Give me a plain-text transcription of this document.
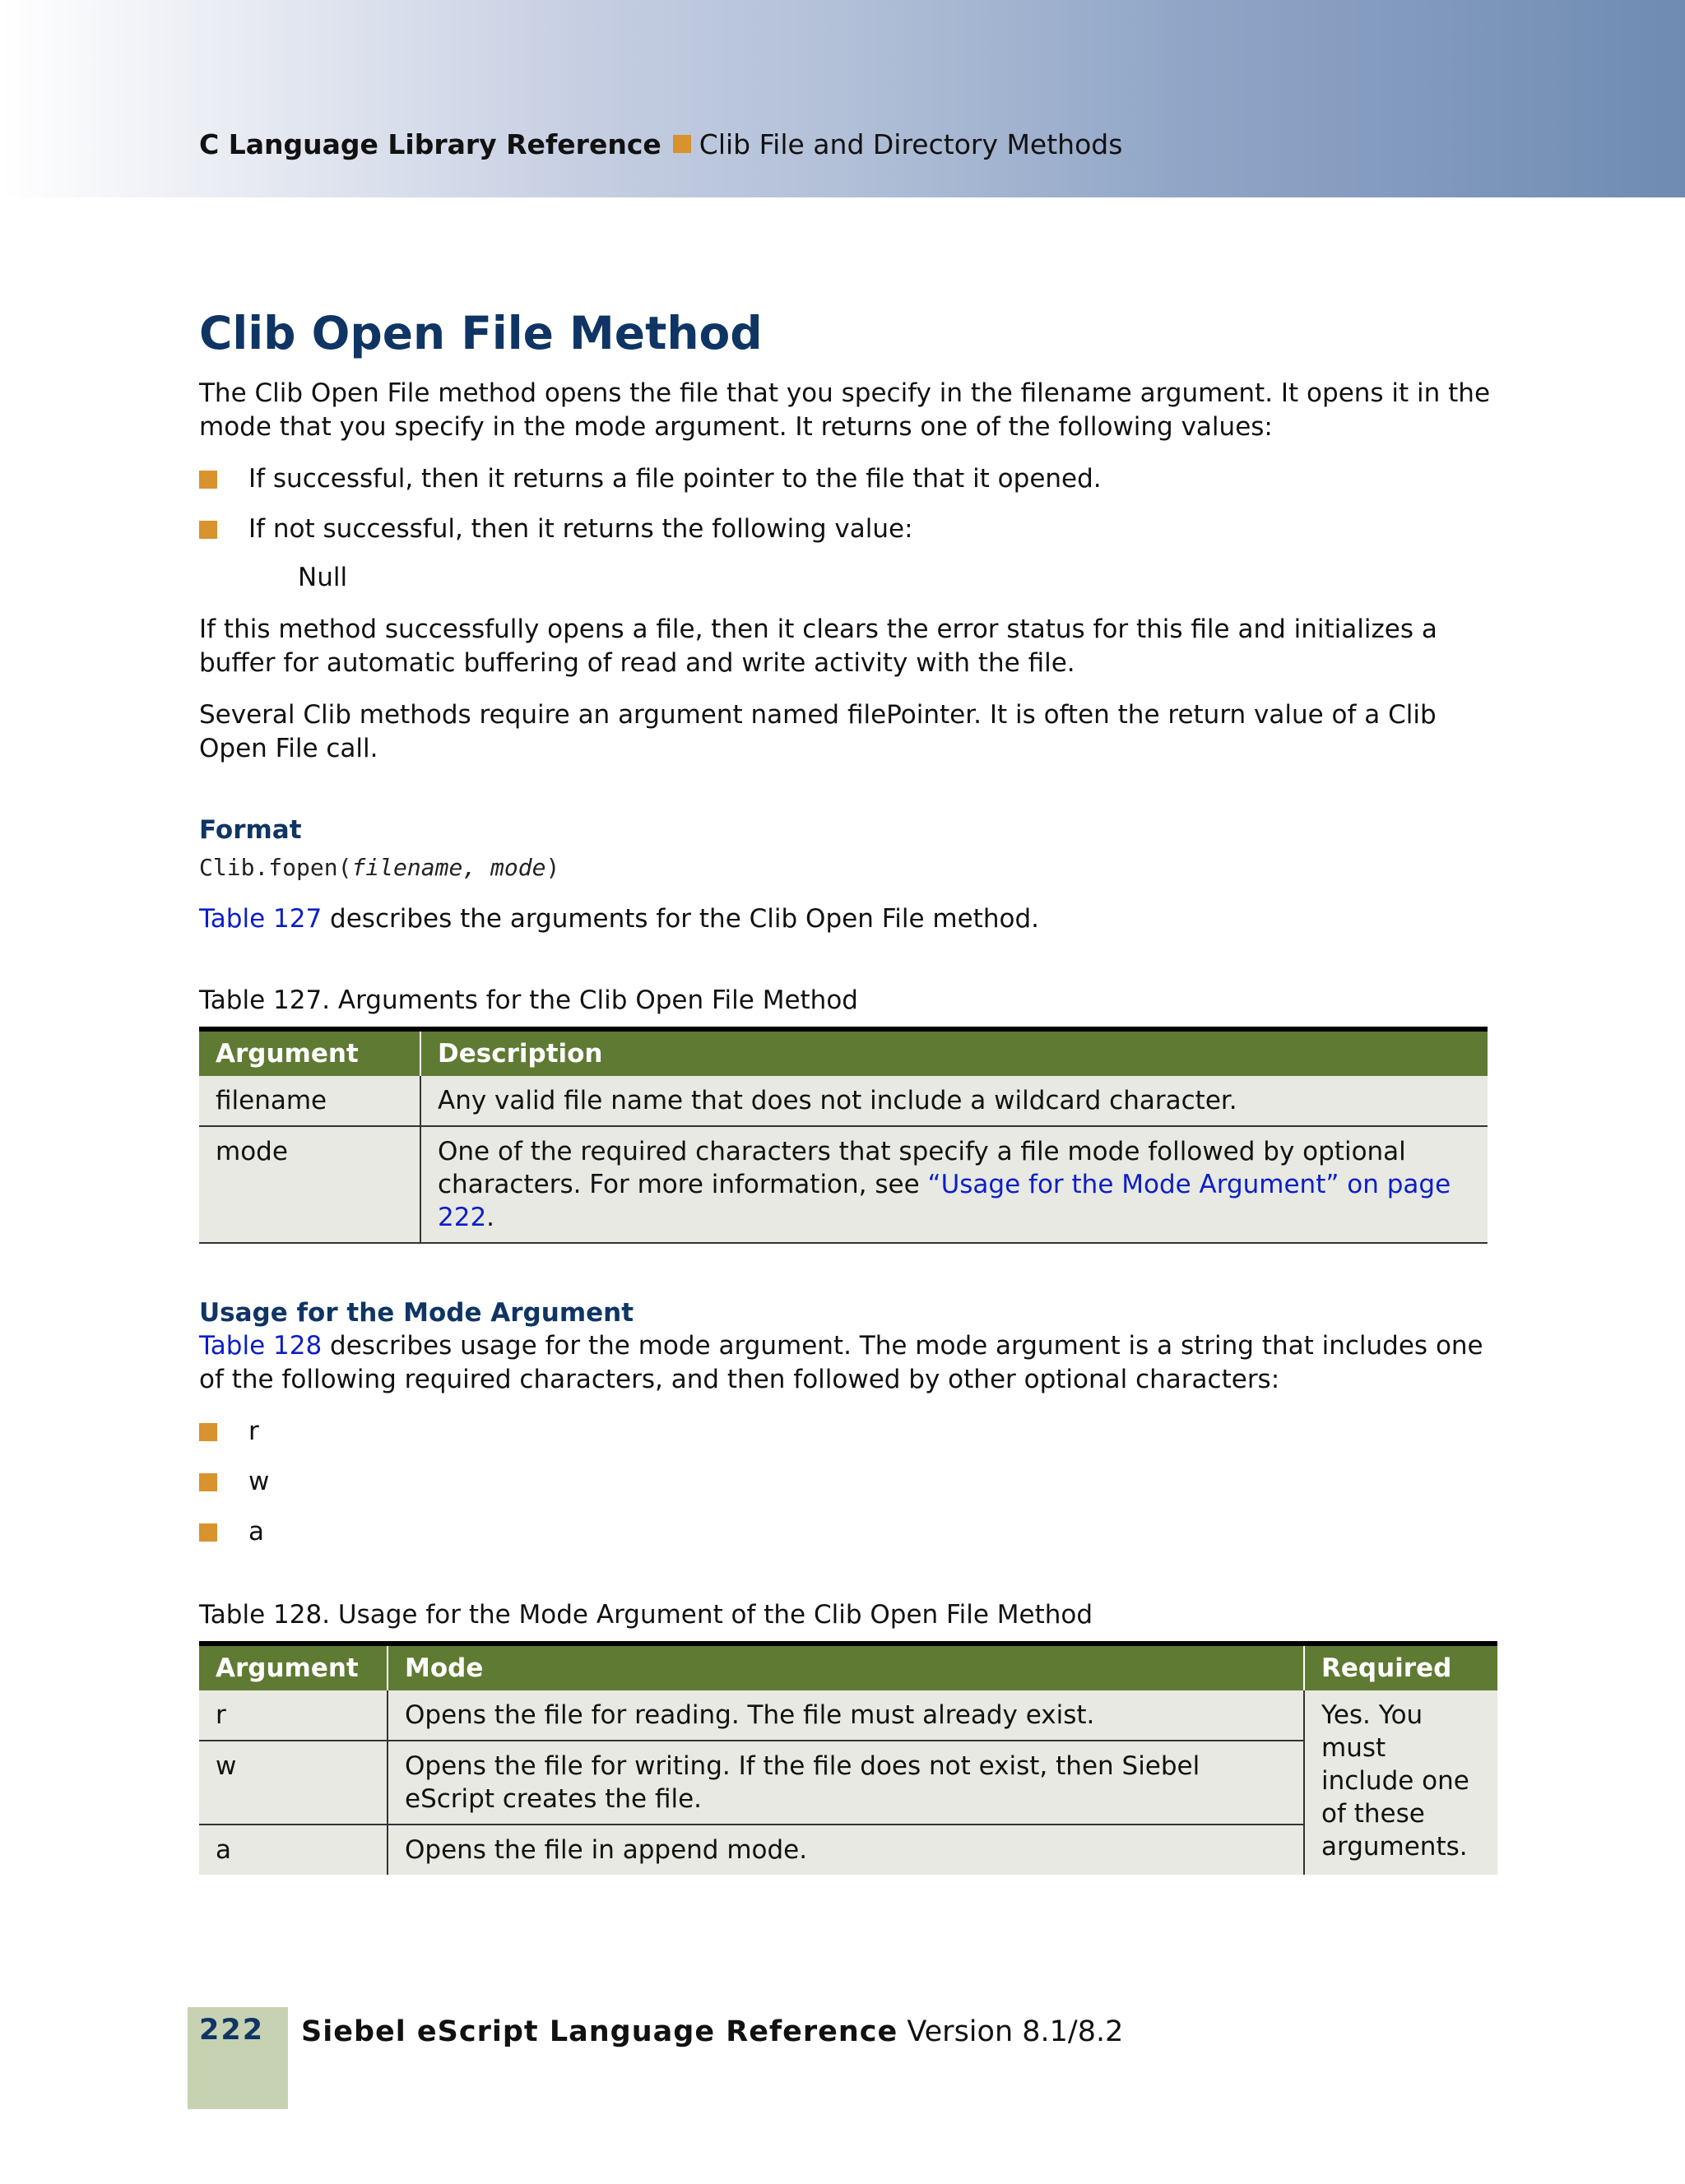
C Language Library Reference Clib File and Directory Methods
Clib Open File Method

The Clib Open File method opens the file that you specify in the filename argument. It opens it in the mode that you specify in the mode argument. It returns one of the following values:

If successful, then it returns a file pointer to the file that it opened.
If not successful, then it returns the following value:

Null

If this method successfully opens a file, then it clears the error status for this file and initializes a buffer for automatic buffering of read and write activity with the file.

Several Clib methods require an argument named filePointer. It is often the return value of a Clib Open File call.

Format
Clib.fopen(filename, mode)

Table 127 describes the arguments for the Clib Open File method.

Table 127. Arguments for the Clib Open File Method
Argument	Description
filename	Any valid file name that does not include a wildcard character.
mode	One of the required characters that specify a file mode followed by optional characters. For more information, see “Usage for the Mode Argument” on page 222.
Usage for the Mode Argument

Table 128 describes usage for the mode argument. The mode argument is a string that includes one of the following required characters, and then followed by other optional characters:

r
w
a
Table 128. Usage for the Mode Argument of the Clib Open File Method
Argument	Mode	Required
r	Opens the file for reading. The file must already exist.	Yes. You must include one of these arguments.
w	Opens the file for writing. If the file does not exist, then Siebel eScript creates the file.	
a	Opens the file in append mode.	
222 Siebel eScript Language Reference Version 8.1/8.2
